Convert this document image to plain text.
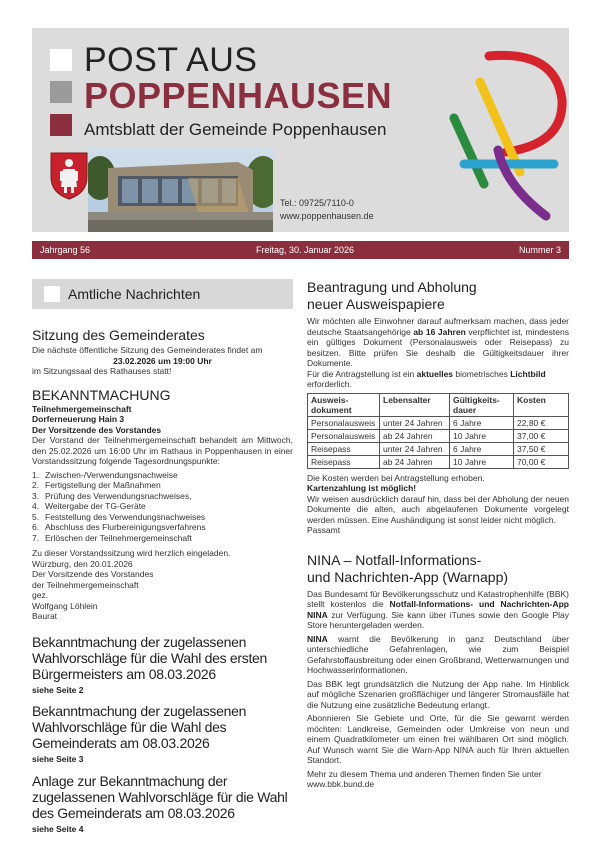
POST AUS
POPPENHAUSEN
Amtsblatt der Gemeinde Poppenhausen
Tel.: 09725/7110-0
www.poppenhausen.de
Jahrgang 56	Freitag, 30. Januar 2026	Nummer 3
Amtliche Nachrichten
Sitzung des Gemeinderates
Die nächste öffentliche Sitzung des Gemeinderates findet am
23.02.2026 um 19:00 Uhr
im Sitzungssaal des Rathauses statt!
BEKANNTMACHUNG
Teilnehmergemeinschaft
Dorferneuerung Hain 3
Der Vorsitzende des Vorstandes
Der Vorstand der Teilnehmergemeinschaft behandelt am Mittwoch, den 25.02.2026 um 16:00 Uhr im Rathaus in Poppenhausen in einer Vorstandssitzung folgende Tagesordnungspunkte:
1. Zwischen-/Verwendungsnachweise
2. Fertigstellung der Maßnahmen
3. Prüfung des Verwendungsnachweises,
4. Weitergabe der TG-Geräte
5. Feststellung des Verwendungsnachweises
6. Abschluss des Flurbereinigungsverfahrens
7. Erlöschen der Teilnehmergemeinschaft
Zu dieser Vorstandssitzung wird herzlich eingeladen.
Würzburg, den 20.01.2026
Der Vorsitzende des Vorstandes
der Teilnehmergemeinschaft
gez.
Wolfgang Löhlein
Baurat
Bekanntmachung der zugelassenen Wahlvorschläge für die Wahl des ersten Bürgermeisters am 08.03.2026
siehe Seite 2
Bekanntmachung der zugelassenen Wahlvorschläge für die Wahl des Gemeinderats am 08.03.2026
siehe Seite 3
Anlage zur Bekanntmachung der zugelassenen Wahlvorschläge für die Wahl des Gemeinderats am 08.03.2026
siehe Seite 4
Beantragung und Abholung
neuer Ausweispapiere
Wir möchten alle Einwohner darauf aufmerksam machen, dass jeder deutsche Staatsangehörige ab 16 Jahren verpflichtet ist, mindestens ein gültiges Dokument (Personalausweis oder Reisepass) zu besitzen. Bitte prüfen Sie deshalb die Gültigkeitsdauer ihrer Dokumente.
Für die Antragstellung ist ein aktuelles biometrisches Lichtbild erforderlich.
Ausweis-dokument	Lebensalter	Gültigkeits-dauer	Kosten
Personalausweis	unter 24 Jahren	6 Jahre	22,80 €
Personalausweis	ab 24 Jahren	10 Jahre	37,00 €
Reisepass	unter 24 Jahren	6 Jahre	37,50 €
Reisepass	ab 24 Jahren	10 Jahre	70,00 €
Die Kosten werden bei Antragstellung erhoben.
Kartenzahlung ist möglich!
Wir weisen ausdrücklich darauf hin, dass bei der Abholung der neuen Dokumente die alten, auch abgelaufenen Dokumente vorgelegt werden müssen. Eine Aushändigung ist sonst leider nicht möglich.
Passamt
NINA – Notfall-Informations-
und Nachrichten-App (Warnapp)
Das Bundesamt für Bevölkerungsschutz und Katastrophenhilfe (BBK) stellt kostenlos die Notfall-Informations- und Nachrichten-App NINA zur Verfügung. Sie kann über iTunes sowie den Google Play Store heruntergeladen werden.
NINA warnt die Bevölkerung in ganz Deutschland über unterschiedliche Gefahrenlagen, wie zum Beispiel Gefahrstoffausbreitung oder einen Großbrand, Wetterwarnungen und Hochwasserinformationen.
Das BBK legt grundsätzlich die Nutzung der App nahe. Im Hinblick auf mögliche Szenarien großflächiger und längerer Stromausfälle hat die Nutzung eine zusätzliche Bedeutung erlangt.
Abonnieren Sie Gebiete und Orte, für die Sie gewarnt werden möchten: Landkreise, Gemeinden oder Umkreise von neun und einem Quadratkilometer um einen frei wählbaren Ort sind möglich. Auf Wunsch warnt Sie die Warn-App NINA auch für Ihren aktuellen Standort.
Mehr zu diesem Thema und anderen Themen finden Sie unter www.bbk.bund.de
